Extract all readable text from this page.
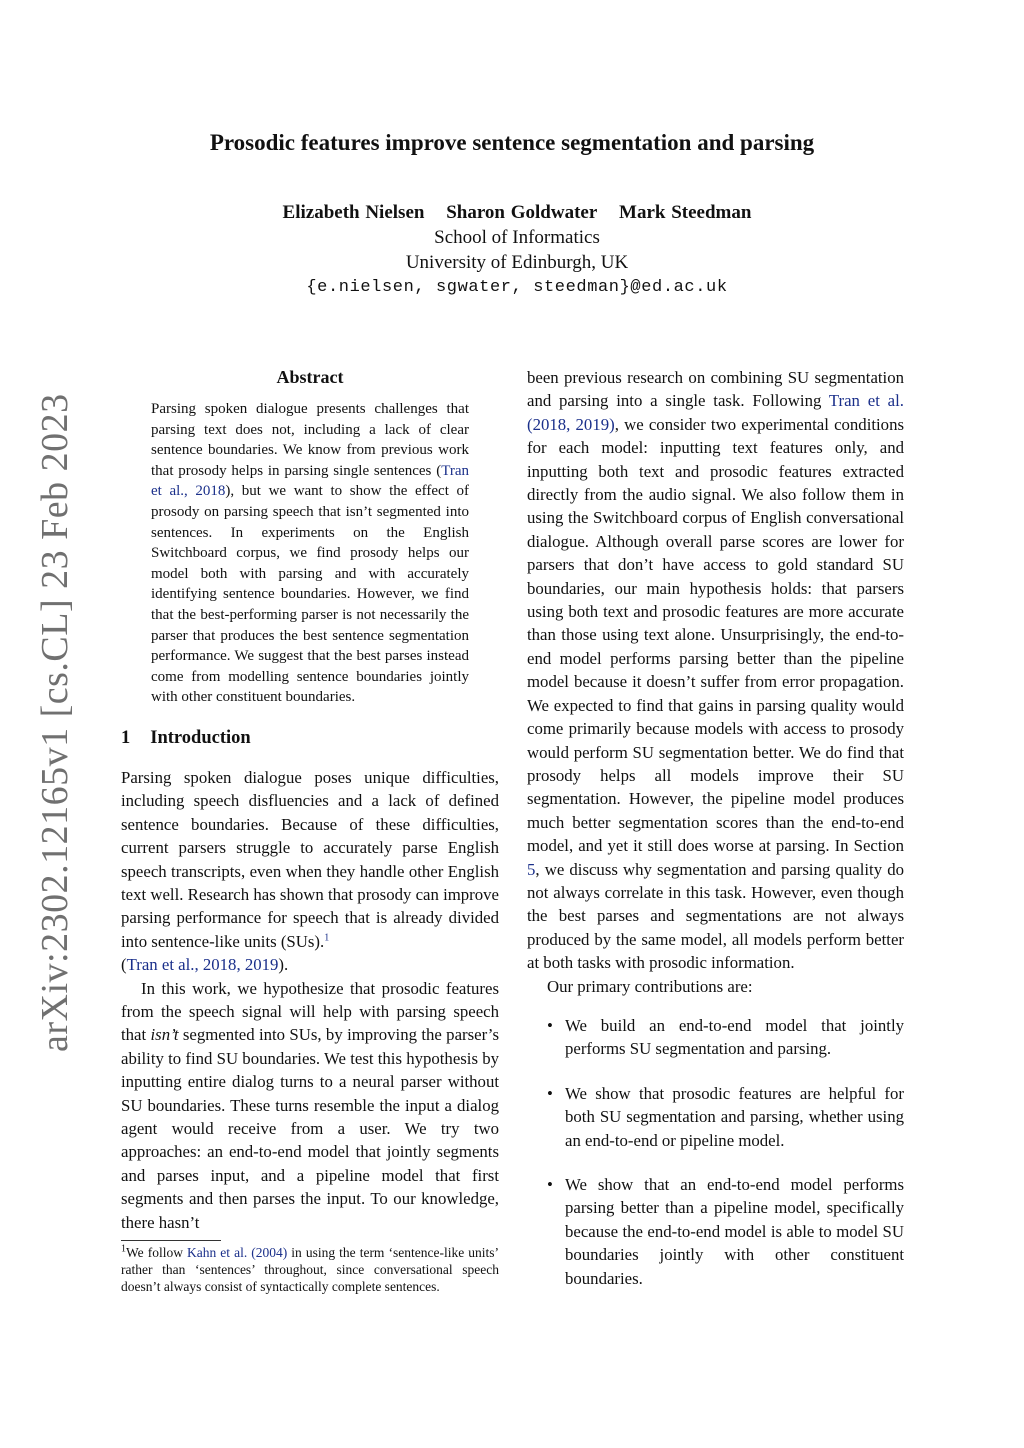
arXiv:2302.12165v1 [cs.CL] 23 Feb 2023
Prosodic features improve sentence segmentation and parsing
Elizabeth Nielsen Sharon Goldwater Mark Steedman
School of Informatics
University of Edinburgh, UK
{e.nielsen, sgwater, steedman}@ed.ac.uk
Abstract
Parsing spoken dialogue presents challenges that parsing text does not, including a lack of clear sentence boundaries. We know from previous work that prosody helps in parsing single sentences (Tran et al., 2018), but we want to show the effect of prosody on parsing speech that isn’t segmented into sentences. In experiments on the English Switchboard corpus, we find prosody helps our model both with parsing and with accurately identifying sentence boundaries. However, we find that the best-performing parser is not necessarily the parser that produces the best sentence segmentation performance. We suggest that the best parses instead come from modelling sentence boundaries jointly with other constituent boundaries.
1 Introduction

Parsing spoken dialogue poses unique difficulties, including speech disfluencies and a lack of defined sentence boundaries. Because of these difficulties, current parsers struggle to accurately parse English speech transcripts, even when they handle other English text well. Research has shown that prosody can improve parsing performance for speech that is already divided into sentence-like units (SUs).$^1$
(Tran et al., 2018, 2019).

In this work, we hypothesize that prosodic features from the speech signal will help with parsing speech that isn’t segmented into SUs, by improving the parser’s ability to find SU boundaries. We test this hypothesis by inputting entire dialog turns to a neural parser without SU boundaries. These turns resemble the input a dialog agent would receive from a user. We try two approaches: an end-to-end model that jointly segments and parses input, and a pipeline model that first segments and then parses the input. To our knowledge, there hasn’t

$^1$We follow Kahn et al. (2004) in using the term ‘sentence-like units’ rather than ‘sentences’ throughout, since conversational speech doesn’t always consist of syntactically complete sentences.

been previous research on combining SU segmentation and parsing into a single task. Following Tran et al. (2018, 2019), we consider two experimental conditions for each model: inputting text features only, and inputting both text and prosodic features extracted directly from the audio signal. We also follow them in using the Switchboard corpus of English conversational dialogue. Although overall parse scores are lower for parsers that don’t have access to gold standard SU boundaries, our main hypothesis holds: that parsers using both text and prosodic features are more accurate than those using text alone. Unsurprisingly, the end-to-end model performs parsing better than the pipeline model because it doesn’t suffer from error propagation. We expected to find that gains in parsing quality would come primarily because models with access to prosody would perform SU segmentation better. We do find that prosody helps all models improve their SU segmentation. However, the pipeline model produces much better segmentation scores than the end-to-end model, and yet it still does worse at parsing. In Section 5, we discuss why segmentation and parsing quality do not always correlate in this task. However, even though the best parses and segmentations are not always produced by the same model, all models perform better at both tasks with prosodic information.

Our primary contributions are:

• We build an end-to-end model that jointly performs SU segmentation and parsing.
• We show that prosodic features are helpful for both SU segmentation and parsing, whether using an end-to-end or pipeline model.
• We show that an end-to-end model performs parsing better than a pipeline model, specifically because the end-to-end model is able to model SU boundaries jointly with other constituent boundaries.
